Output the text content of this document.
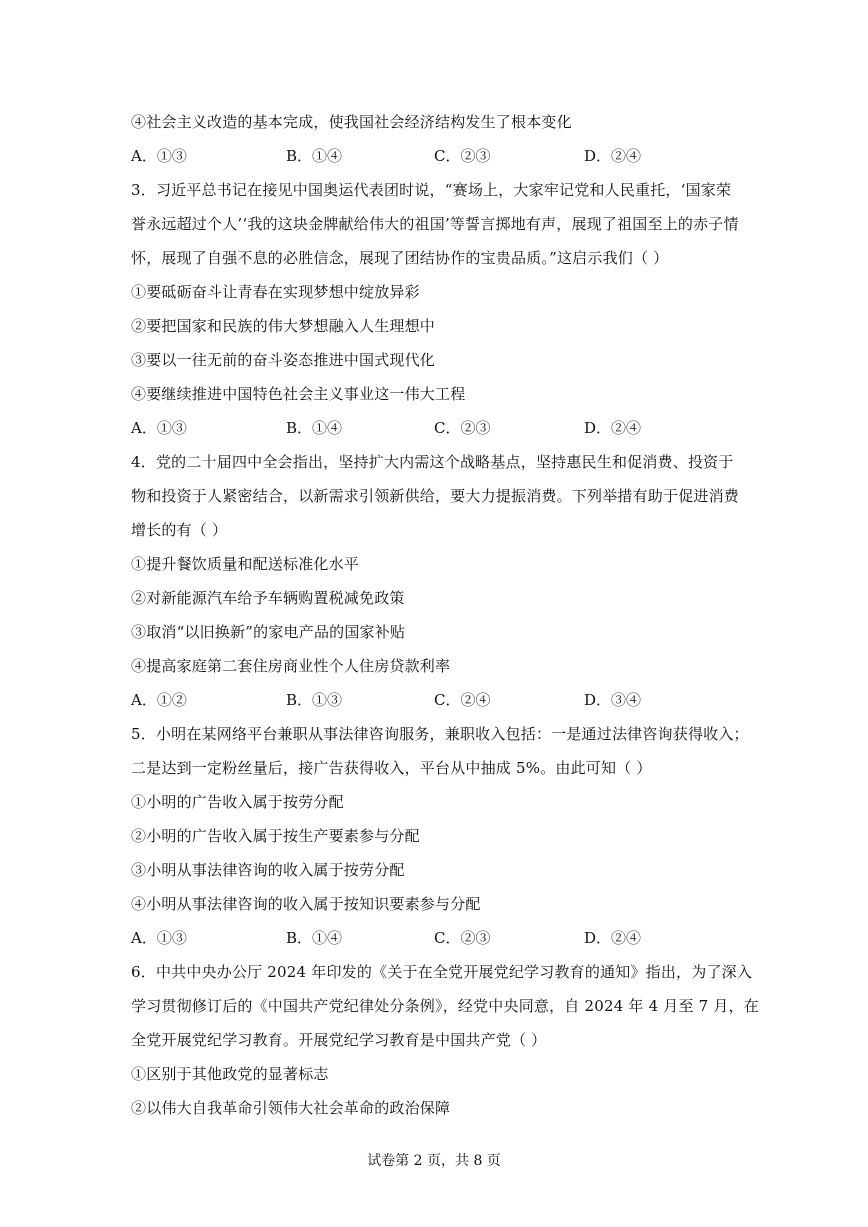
④社会主义改造的基本完成，使我国社会经济结构发生了根本变化
A．①③	B．①④	C．②③	D．②④
3．习近平总书记在接见中国奥运代表团时说，“赛场上，大家牢记党和人民重托，‘国家荣
誉永远超过个人’‘我的这块金牌献给伟大的祖国’等誓言掷地有声，展现了祖国至上的赤子情
怀，展现了自强不息的必胜信念，展现了团结协作的宝贵品质。”这启示我们（ ）
①要砥砺奋斗让青春在实现梦想中绽放异彩
②要把国家和民族的伟大梦想融入人生理想中
③要以一往无前的奋斗姿态推进中国式现代化
④要继续推进中国特色社会主义事业这一伟大工程
A．①③	B．①④	C．②③	D．②④
4．党的二十届四中全会指出，坚持扩大内需这个战略基点，坚持惠民生和促消费、投资于
物和投资于人紧密结合，以新需求引领新供给，要大力提振消费。下列举措有助于促进消费
增长的有（ ）
①提升餐饮质量和配送标准化水平
②对新能源汽车给予车辆购置税减免政策
③取消“以旧换新”的家电产品的国家补贴
④提高家庭第二套住房商业性个人住房贷款利率
A．①②	B．①③	C．②④	D．③④
5．小明在某网络平台兼职从事法律咨询服务，兼职收入包括：一是通过法律咨询获得收入；
二是达到一定粉丝量后，接广告获得收入，平台从中抽成 5%。由此可知（ ）
①小明的广告收入属于按劳分配
②小明的广告收入属于按生产要素参与分配
③小明从事法律咨询的收入属于按劳分配
④小明从事法律咨询的收入属于按知识要素参与分配
A．①③	B．①④	C．②③	D．②④
6．中共中央办公厅 2024 年印发的《关于在全党开展党纪学习教育的通知》指出，为了深入
学习贯彻修订后的《中国共产党纪律处分条例》，经党中央同意，自 2024 年 4 月至 7 月，在
全党开展党纪学习教育。开展党纪学习教育是中国共产党（ ）
①区别于其他政党的显著标志
②以伟大自我革命引领伟大社会革命的政治保障
试卷第 2 页，共 8 页
